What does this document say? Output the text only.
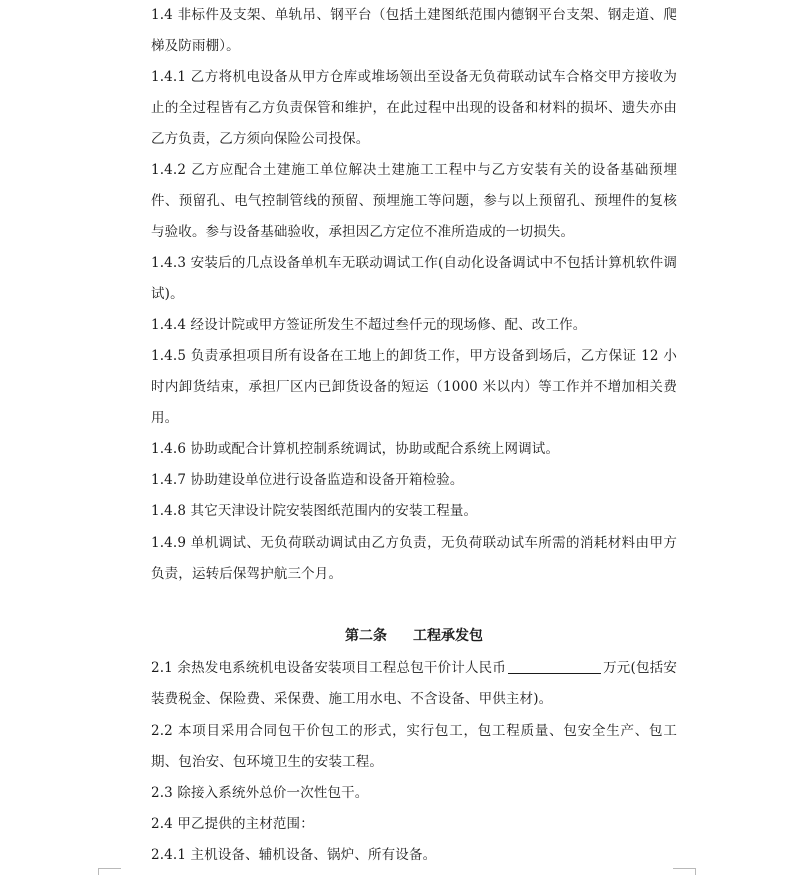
1.4 非标件及支架、单轨吊、钢平台（包括土建图纸范围内德钢平台支架、钢走道、爬梯及防雨棚）。

1.4.1 乙方将机电设备从甲方仓库或堆场领出至设备无负荷联动试车合格交甲方接收为止的全过程皆有乙方负责保管和维护，在此过程中出现的设备和材料的损坏、遗失亦由乙方负责，乙方须向保险公司投保。

1.4.2 乙方应配合土建施工单位解决土建施工工程中与乙方安装有关的设备基础预埋件、预留孔、电气控制管线的预留、预埋施工等问题，参与以上预留孔、预埋件的复核与验收。参与设备基础验收，承担因乙方定位不准所造成的一切损失。

1.4.3 安装后的几点设备单机车无联动调试工作(自动化设备调试中不包括计算机软件调试)。

1.4.4 经设计院或甲方签证所发生不超过叁仟元的现场修、配、改工作。

1.4.5 负责承担项目所有设备在工地上的卸货工作，甲方设备到场后，乙方保证 12 小时内卸货结束，承担厂区内已卸货设备的短运（1000 米以内）等工作并不增加相关费用。

1.4.6 协助或配合计算机控制系统调试，协助或配合系统上网调试。

1.4.7 协助建设单位进行设备监造和设备开箱检验。

1.4.8 其它天津设计院安装图纸范围内的安装工程量。

1.4.9 单机调试、无负荷联动调试由乙方负责，无负荷联动试车所需的消耗材料由甲方负责，运转后保驾护航三个月。

第二条 工程承发包

2.1 余热发电系统机电设备安装项目工程总包干价计人民币	万元(包括安装费税金、保险费、采保费、施工用水电、不含设备、甲供主材)。

2.2 本项目采用合同包干价包工的形式，实行包工，包工程质量、包安全生产、包工期、包治安、包环境卫生的安装工程。

2.3 除接入系统外总价一次性包干。

2.4 甲乙提供的主材范围：

2.4.1 主机设备、辅机设备、锅炉、所有设备。
